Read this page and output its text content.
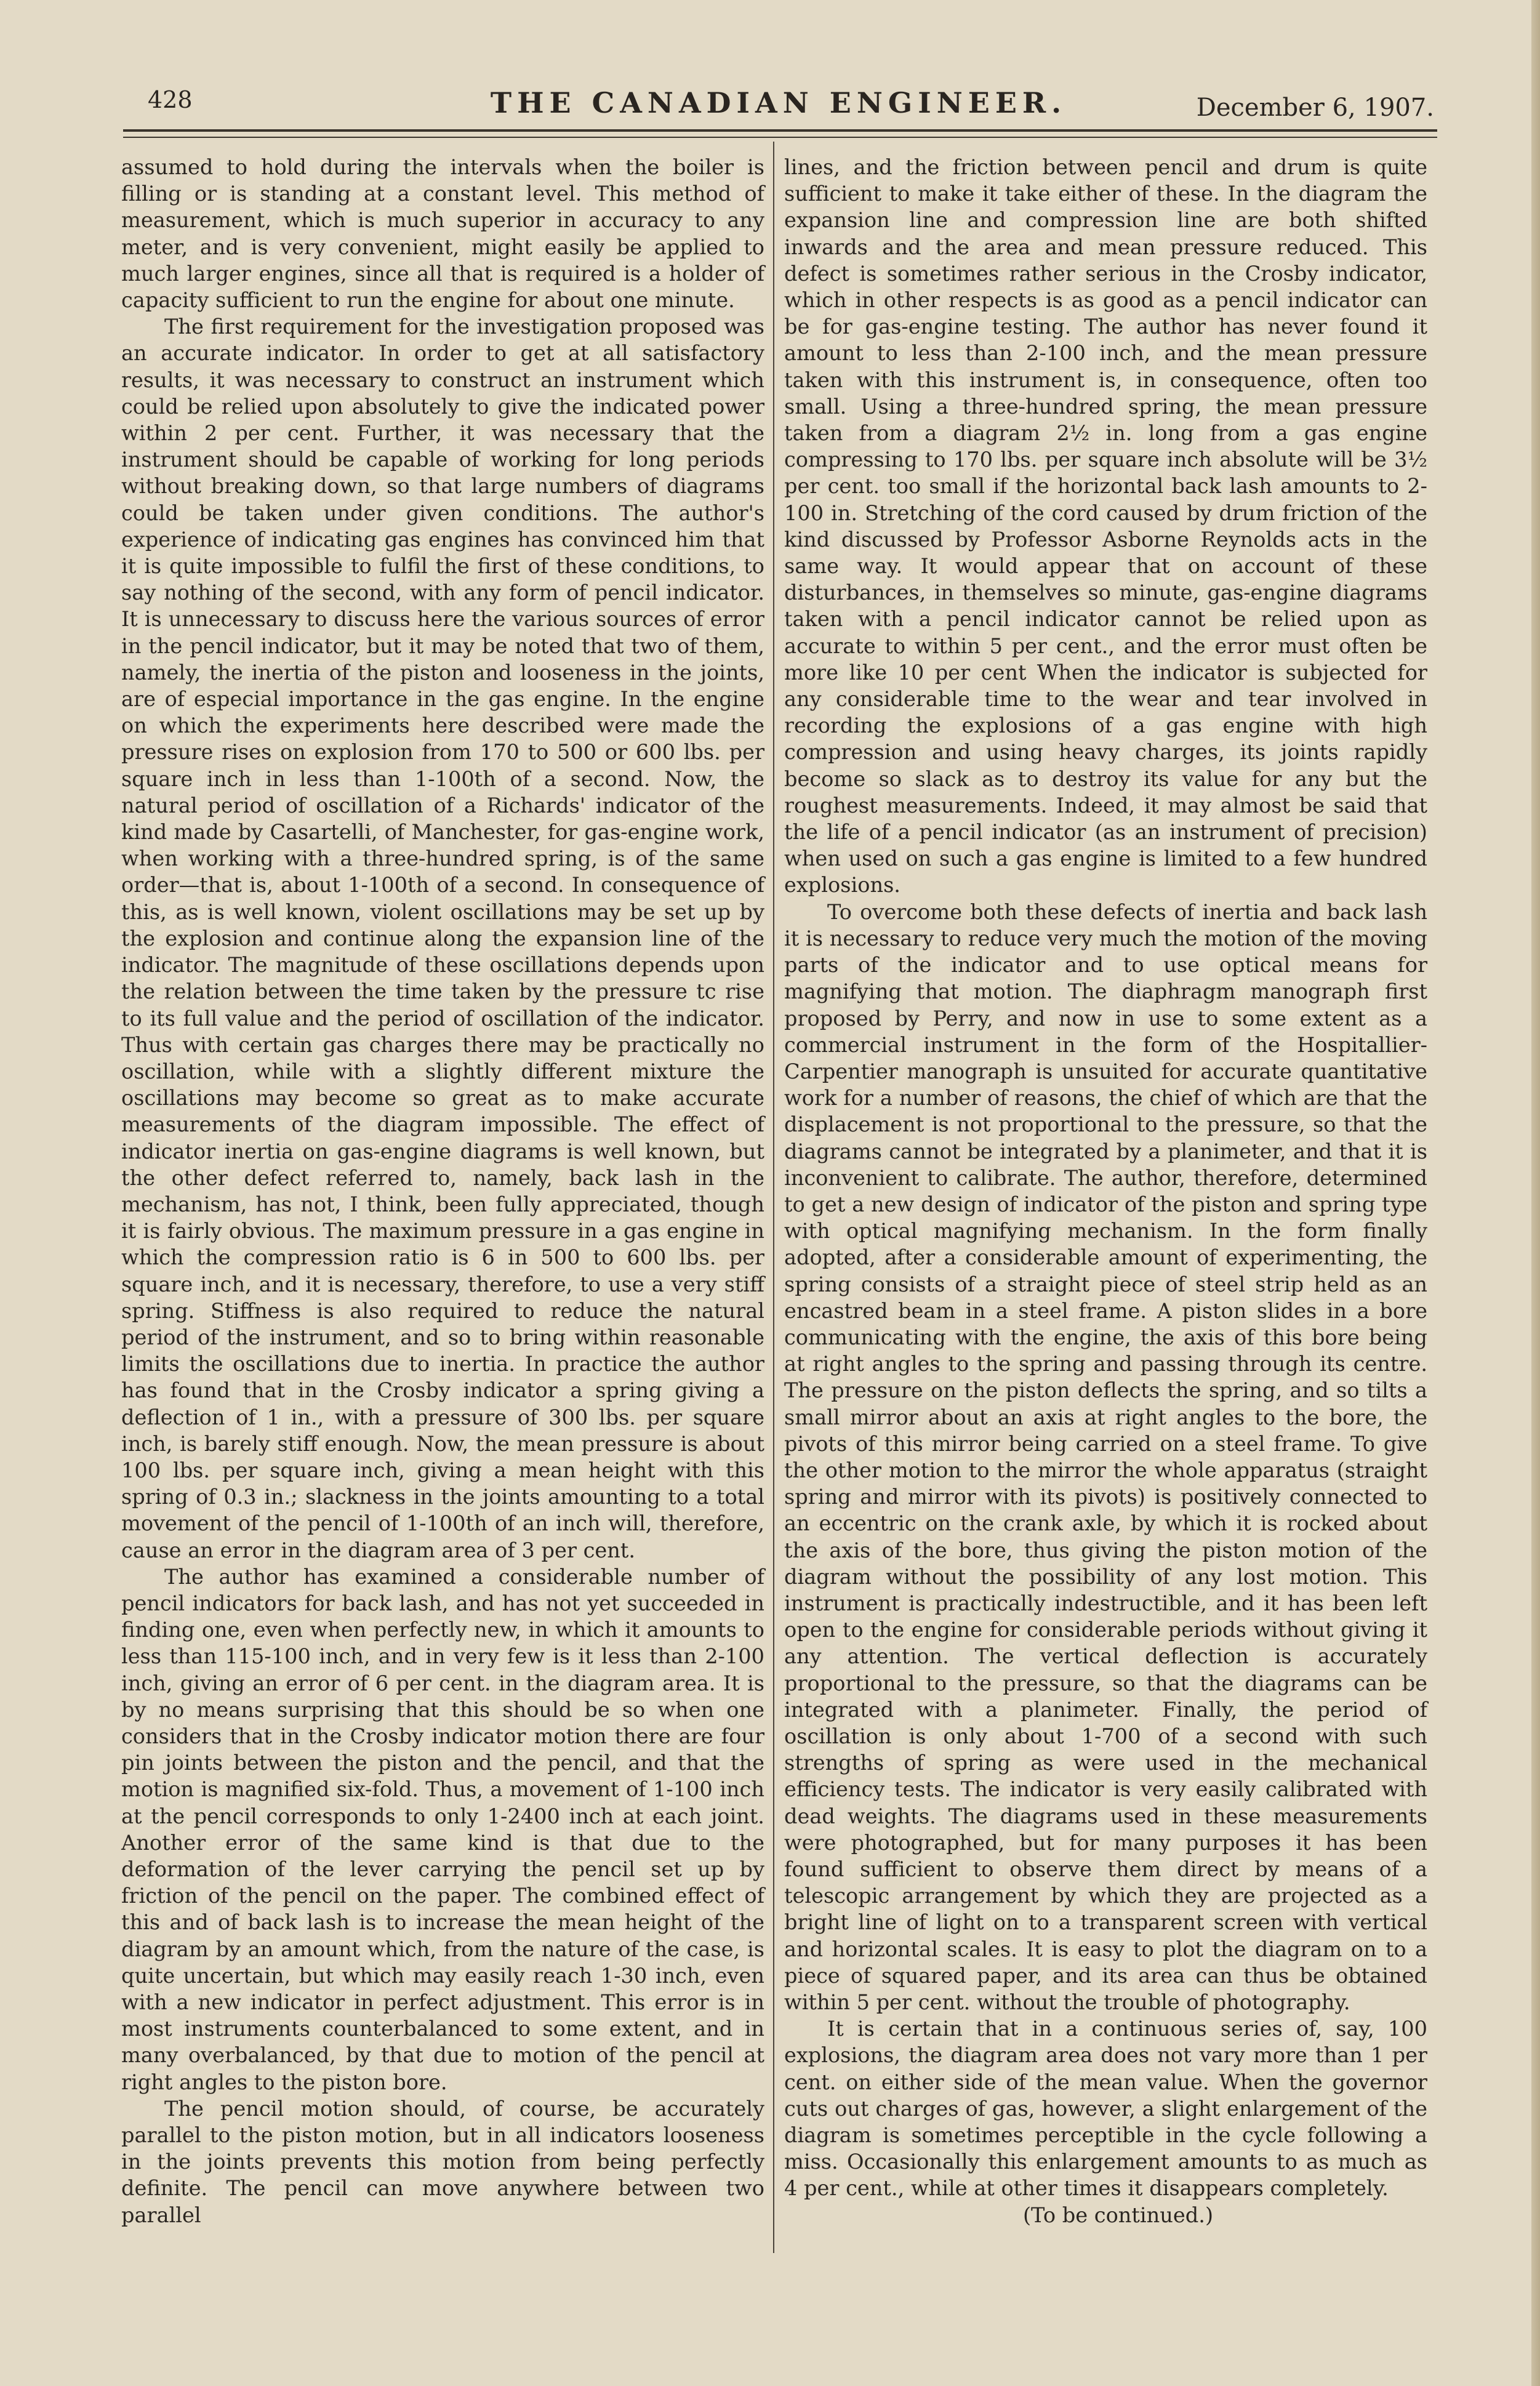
428	THE CANADIAN ENGINEER.	December 6, 1907.

assumed to hold during the intervals when the boiler is filling or is standing at a constant level. This method of measurement, which is much superior in accuracy to any meter, and is very convenient, might easily be applied to much larger engines, since all that is required is a holder of capacity sufficient to run the engine for about one minute.

The first requirement for the investigation proposed was an accurate indicator. In order to get at all satisfactory results, it was necessary to construct an instrument which could be relied upon absolutely to give the indicated power within 2 per cent. Further, it was necessary that the instrument should be capable of working for long periods without breaking down, so that large numbers of diagrams could be taken under given conditions. The author's experience of indicating gas engines has convinced him that it is quite impossible to fulfil the first of these conditions, to say nothing of the second, with any form of pencil indicator. It is unnecessary to discuss here the various sources of error in the pencil indicator, but it may be noted that two of them, namely, the inertia of the piston and looseness in the joints, are of especial importance in the gas engine. In the engine on which the experiments here described were made the pressure rises on explosion from 170 to 500 or 600 lbs. per square inch in less than 1-100th of a second. Now, the natural period of oscillation of a Richards' indicator of the kind made by Casartelli, of Manchester, for gas-engine work, when working with a three-hundred spring, is of the same order—that is, about 1-100th of a second. In consequence of this, as is well known, violent oscillations may be set up by the explosion and continue along the expansion line of the indicator. The magnitude of these oscillations depends upon the relation between the time taken by the pressure tc rise to its full value and the period of oscillation of the indicator. Thus with certain gas charges there may be practically no oscillation, while with a slightly different mixture the oscillations may become so great as to make accurate measurements of the diagram impossible. The effect of indicator inertia on gas-engine diagrams is well known, but the other defect referred to, namely, back lash in the mechanism, has not, I think, been fully appreciated, though it is fairly obvious. The maximum pressure in a gas engine in which the compression ratio is 6 in 500 to 600 lbs. per square inch, and it is necessary, therefore, to use a very stiff spring. Stiffness is also required to reduce the natural period of the instrument, and so to bring within reasonable limits the oscillations due to inertia. In practice the author has found that in the Crosby indicator a spring giving a deflection of 1 in., with a pressure of 300 lbs. per square inch, is barely stiff enough. Now, the mean pressure is about 100 lbs. per square inch, giving a mean height with this spring of 0.3 in.; slackness in the joints amounting to a total movement of the pencil of 1-100th of an inch will, therefore, cause an error in the diagram area of 3 per cent.

The author has examined a considerable number of pencil indicators for back lash, and has not yet succeeded in finding one, even when perfectly new, in which it amounts to less than 115-100 inch, and in very few is it less than 2-100 inch, giving an error of 6 per cent. in the diagram area. It is by no means surprising that this should be so when one considers that in the Crosby indicator motion there are four pin joints between the piston and the pencil, and that the motion is magnified six-fold. Thus, a movement of 1-100 inch at the pencil corresponds to only 1-2400 inch at each joint. Another error of the same kind is that due to the deformation of the lever carrying the pencil set up by friction of the pencil on the paper. The combined effect of this and of back lash is to increase the mean height of the diagram by an amount which, from the nature of the case, is quite uncertain, but which may easily reach 1-30 inch, even with a new indicator in perfect adjustment. This error is in most instruments counterbalanced to some extent, and in many overbalanced, by that due to motion of the pencil at right angles to the piston bore.

The pencil motion should, of course, be accurately parallel to the piston motion, but in all indicators looseness in the joints prevents this motion from being perfectly definite. The pencil can move anywhere between two parallel

lines, and the friction between pencil and drum is quite sufficient to make it take either of these. In the diagram the expansion line and compression line are both shifted inwards and the area and mean pressure reduced. This defect is sometimes rather serious in the Crosby indicator, which in other respects is as good as a pencil indicator can be for gas-engine testing. The author has never found it amount to less than 2-100 inch, and the mean pressure taken with this instrument is, in consequence, often too small. Using a three-hundred spring, the mean pressure taken from a diagram 2½ in. long from a gas engine compressing to 170 lbs. per square inch absolute will be 3½ per cent. too small if the horizontal back lash amounts to 2-100 in. Stretching of the cord caused by drum friction of the kind discussed by Professor Asborne Reynolds acts in the same way. It would appear that on account of these disturbances, in themselves so minute, gas-engine diagrams taken with a pencil indicator cannot be relied upon as accurate to within 5 per cent., and the error must often be more like 10 per cent When the indicator is subjected for any considerable time to the wear and tear involved in recording the explosions of a gas engine with high compression and using heavy charges, its joints rapidly become so slack as to destroy its value for any but the roughest measurements. Indeed, it may almost be said that the life of a pencil indicator (as an instrument of precision) when used on such a gas engine is limited to a few hundred explosions.

To overcome both these defects of inertia and back lash it is necessary to reduce very much the motion of the moving parts of the indicator and to use optical means for magnifying that motion. The diaphragm manograph first proposed by Perry, and now in use to some extent as a commercial instrument in the form of the Hospitallier-Carpentier manograph is unsuited for accurate quantitative work for a number of reasons, the chief of which are that the displacement is not proportional to the pressure, so that the diagrams cannot be integrated by a planimeter, and that it is inconvenient to calibrate. The author, therefore, determined to get a new design of indicator of the piston and spring type with optical magnifying mechanism. In the form finally adopted, after a considerable amount of experimenting, the spring consists of a straight piece of steel strip held as an encastred beam in a steel frame. A piston slides in a bore communicating with the engine, the axis of this bore being at right angles to the spring and passing through its centre. The pressure on the piston deflects the spring, and so tilts a small mirror about an axis at right angles to the bore, the pivots of this mirror being carried on a steel frame. To give the other motion to the mirror the whole apparatus (straight spring and mirror with its pivots) is positively connected to an eccentric on the crank axle, by which it is rocked about the axis of the bore, thus giving the piston motion of the diagram without the possibility of any lost motion. This instrument is practically indestructible, and it has been left open to the engine for considerable periods without giving it any attention. The vertical deflection is accurately proportional to the pressure, so that the diagrams can be integrated with a planimeter. Finally, the period of oscillation is only about 1-700 of a second with such strengths of spring as were used in the mechanical efficiency tests. The indicator is very easily calibrated with dead weights. The diagrams used in these measurements were photographed, but for many purposes it has been found sufficient to observe them direct by means of a telescopic arrangement by which they are projected as a bright line of light on to a transparent screen with vertical and horizontal scales. It is easy to plot the diagram on to a piece of squared paper, and its area can thus be obtained within 5 per cent. without the trouble of photography.

It is certain that in a continuous series of, say, 100 explosions, the diagram area does not vary more than 1 per cent. on either side of the mean value. When the governor cuts out charges of gas, however, a slight enlargement of the diagram is sometimes perceptible in the cycle following a miss. Occasionally this enlargement amounts to as much as 4 per cent., while at other times it disappears completely.

(To be continued.)
